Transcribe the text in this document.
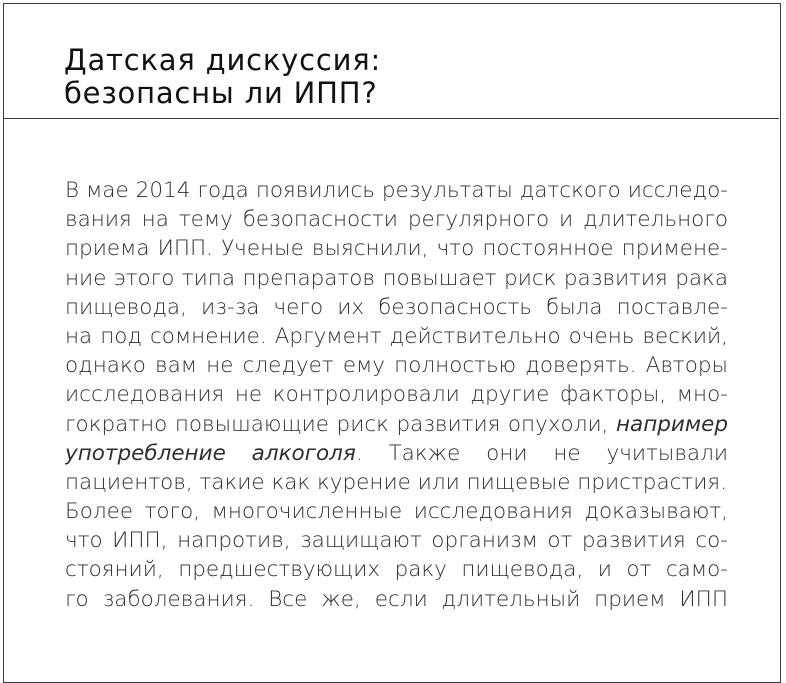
Датская дискуссия:
безопасны ли ИПП?
В мае 2014 года появились результаты датского исследо-
вания на тему безопасности регулярного и длительного
приема ИПП. Ученые выяснили, что постоянное примене-
ние этого типа препаратов повышает риск развития рака
пищевода, из-за чего их безопасность была поставле-
на под сомнение. Аргумент действительно очень веский,
однако вам не следует ему полностью доверять. Авторы
исследования не контролировали другие факторы, мно-
гократно повышающие риск развития опухоли, например
употребление алкоголя. Также они не учитывали
пациентов, такие как курение или пищевые пристрастия.
Более того, многочисленные исследования доказывают,
что ИПП, напротив, защищают организм от развития со-
стояний, предшествующих раку пищевода, и от само-
го заболевания. Все же, если длительный прием ИПП
